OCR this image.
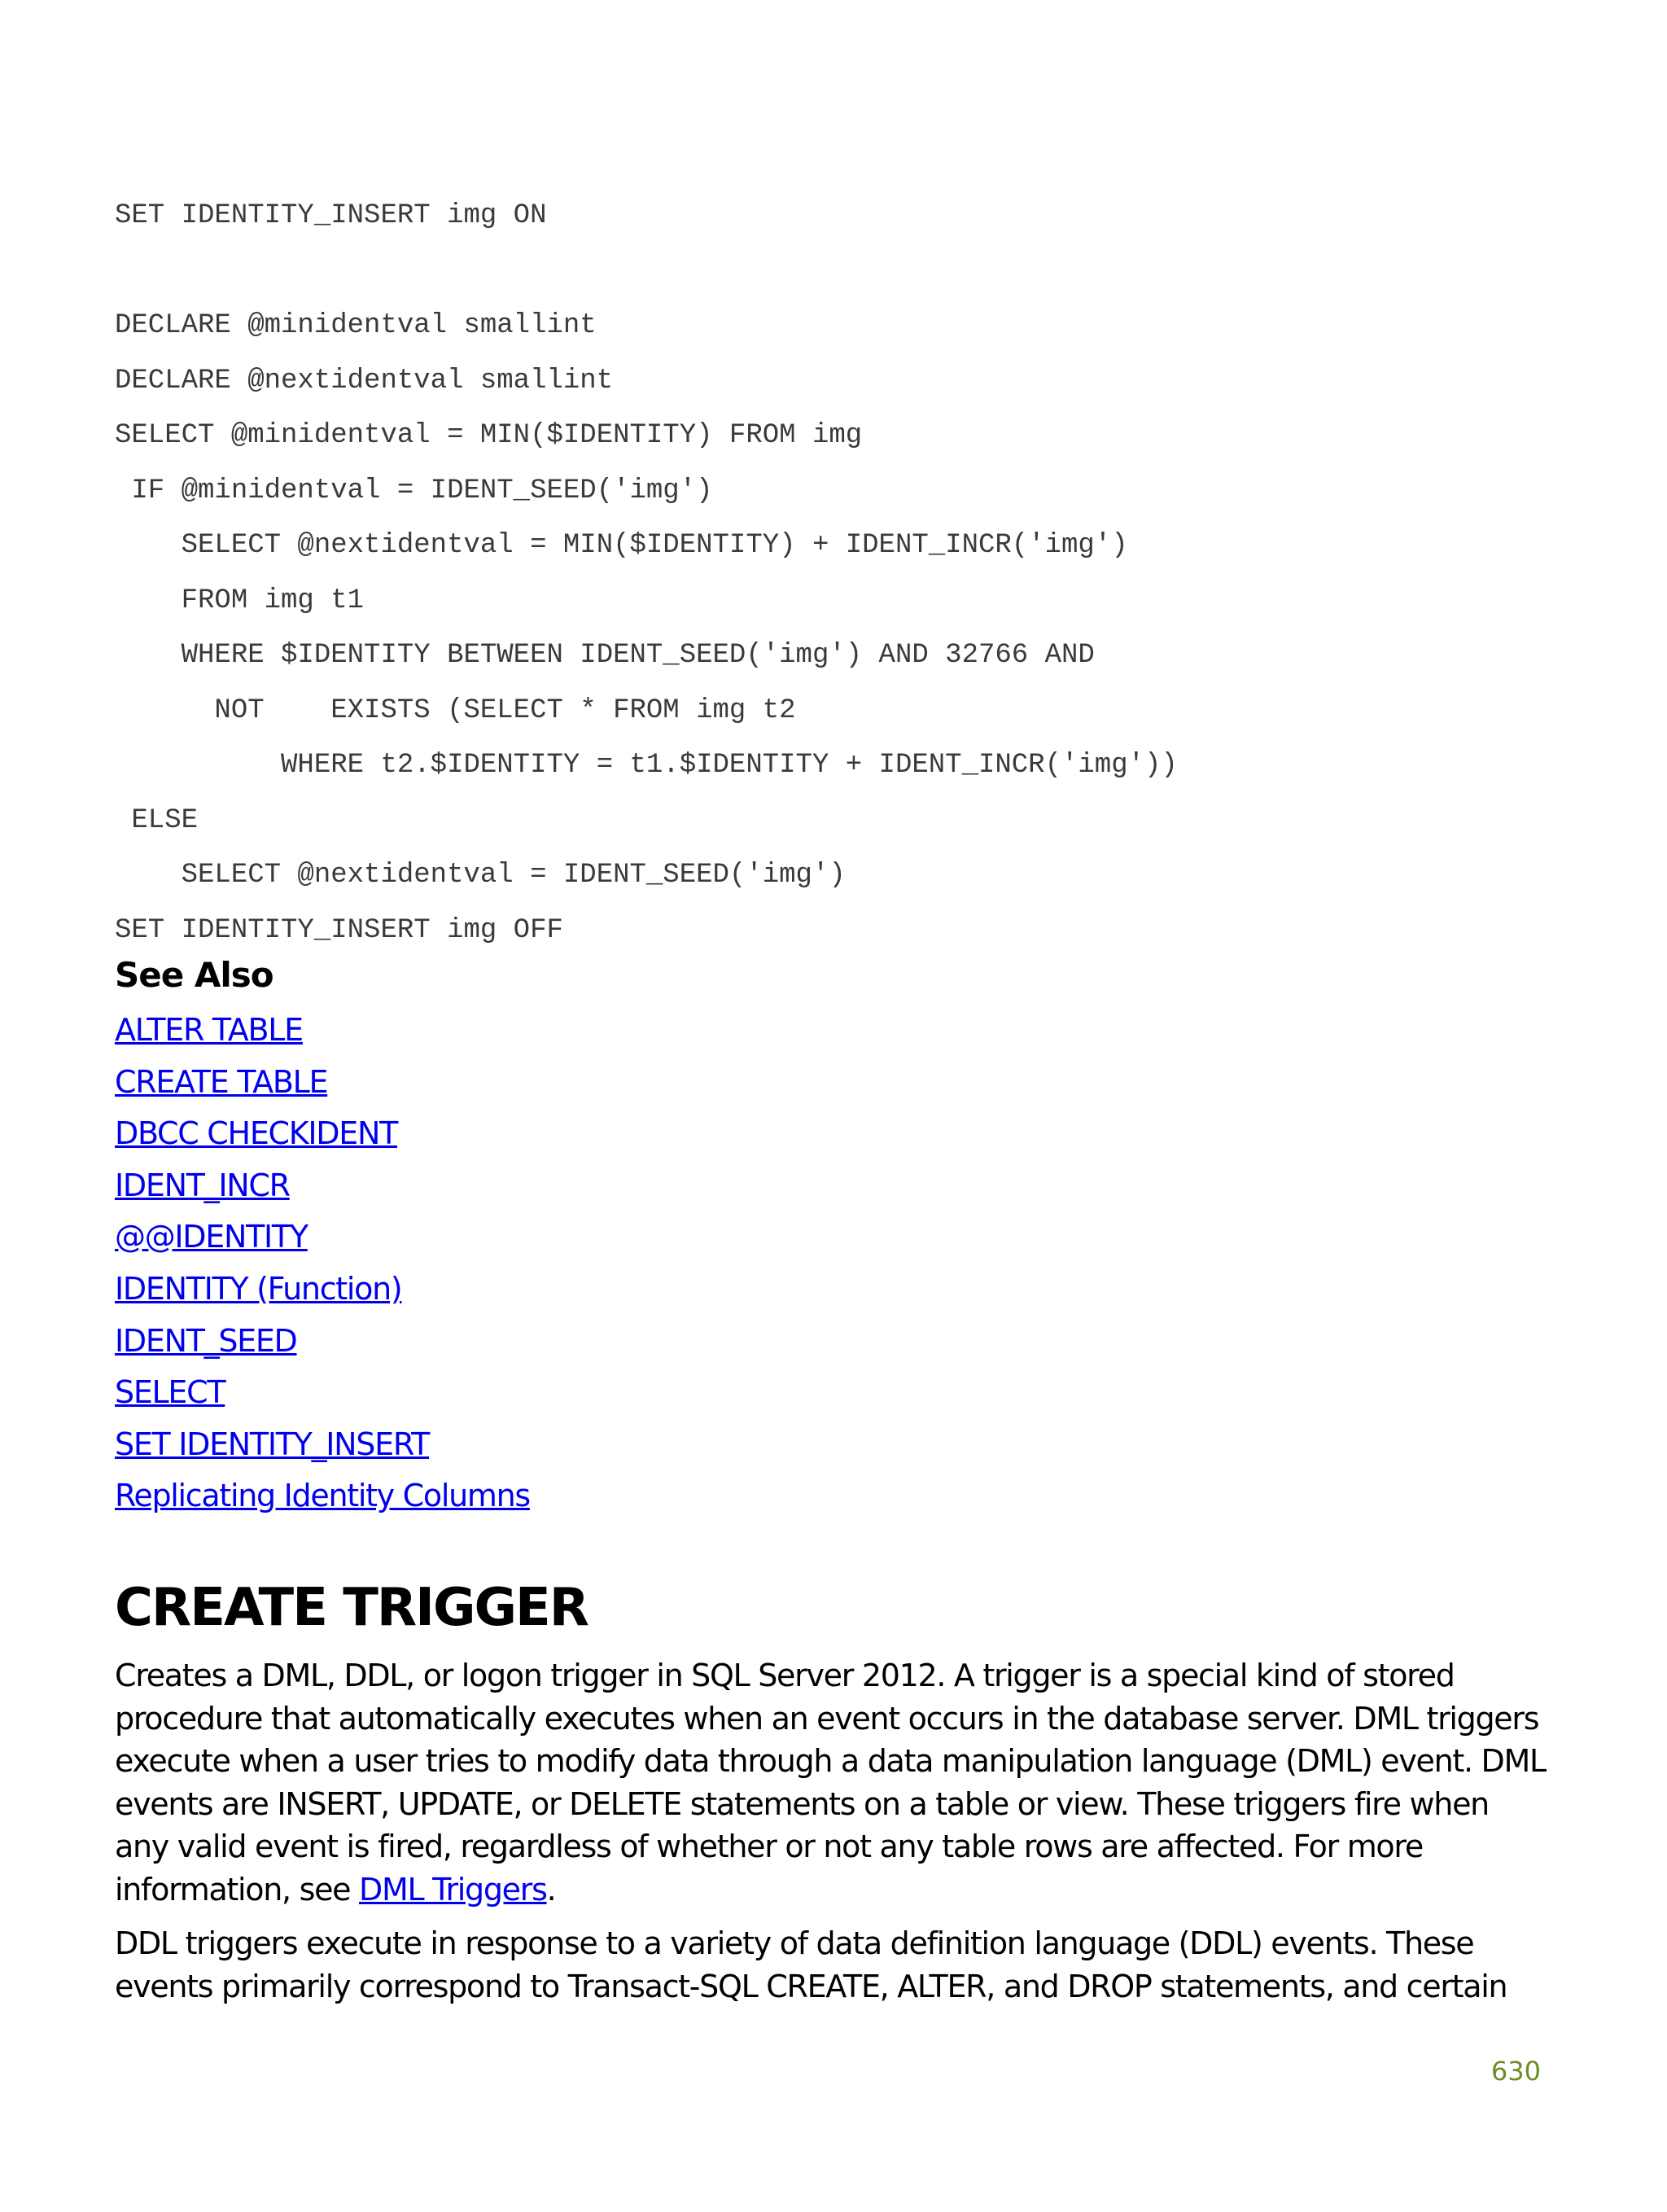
SET IDENTITY_INSERT img ON
DECLARE @minidentval smallint
DECLARE @nextidentval smallint
SELECT @minidentval = MIN($IDENTITY) FROM img
IF @minidentval = IDENT_SEED('img')
SELECT @nextidentval = MIN($IDENTITY) + IDENT_INCR('img')
FROM img t1
WHERE $IDENTITY BETWEEN IDENT_SEED('img') AND 32766 AND
NOT    EXISTS (SELECT * FROM img t2
WHERE t2.$IDENTITY = t1.$IDENTITY + IDENT_INCR('img'))
ELSE
SELECT @nextidentval = IDENT_SEED('img')
SET IDENTITY_INSERT img OFF
See Also
ALTER TABLE
CREATE TABLE
DBCC CHECKIDENT
IDENT_INCR
@@IDENTITY
IDENTITY (Function)
IDENT_SEED
SELECT
SET IDENTITY_INSERT
Replicating Identity Columns
CREATE TRIGGER

Creates a DML, DDL, or logon trigger in SQL Server 2012. A trigger is a special kind of stored procedure that automatically executes when an event occurs in the database server. DML triggers execute when a user tries to modify data through a data manipulation language (DML) event. DML events are INSERT, UPDATE, or DELETE statements on a table or view. These triggers fire when any valid event is fired, regardless of whether or not any table rows are affected. For more information, see DML Triggers.

DDL triggers execute in response to a variety of data definition language (DDL) events. These events primarily correspond to Transact-SQL CREATE, ALTER, and DROP statements, and certain

630
